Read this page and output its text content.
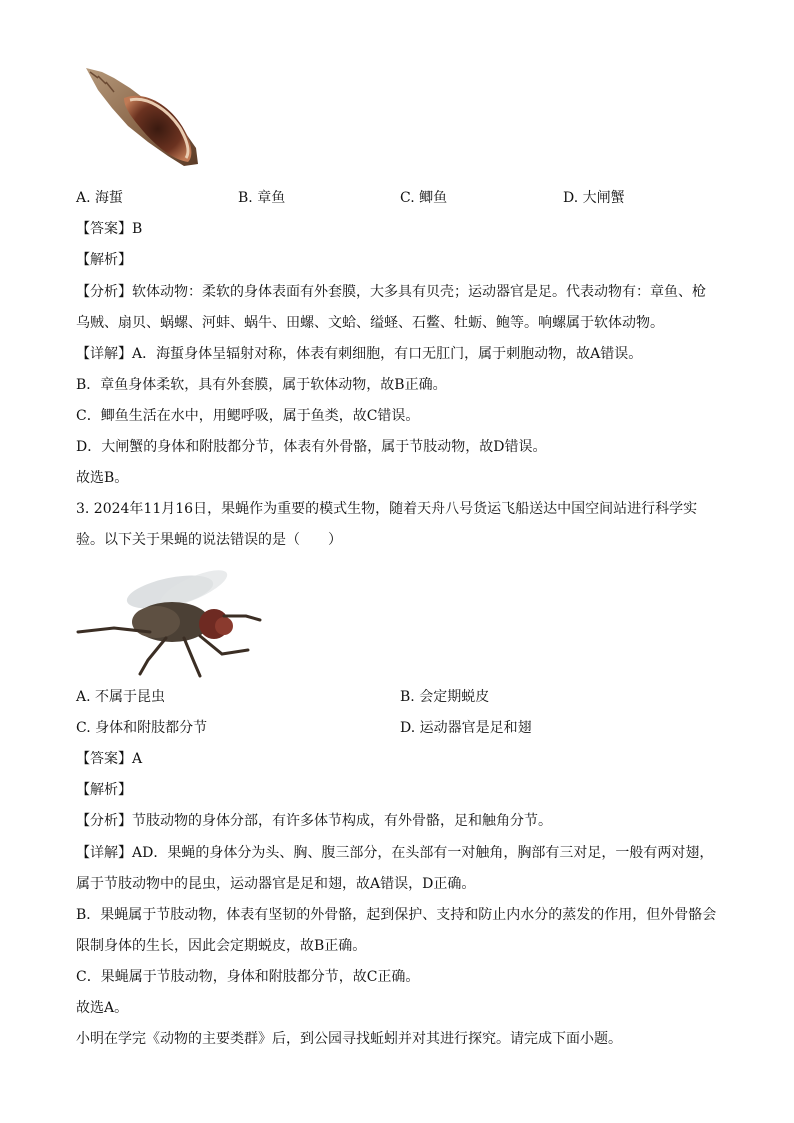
A. 海蜇	B. 章鱼	C. 鲫鱼	D. 大闸蟹
【答案】B
【解析】
【分析】软体动物：柔软的身体表面有外套膜，大多具有贝壳；运动器官是足。代表动物有：章鱼、枪
乌贼、扇贝、蜗螺、河蚌、蜗牛、田螺、文蛤、缢蛏、石鳖、牡蛎、鲍等。响螺属于软体动物。
【详解】A．海蜇身体呈辐射对称，体表有刺细胞，有口无肛门，属于刺胞动物，故A错误。
B．章鱼身体柔软，具有外套膜，属于软体动物，故B正确。
C．鲫鱼生活在水中，用鳃呼吸，属于鱼类，故C错误。
D．大闸蟹的身体和附肢都分节，体表有外骨骼，属于节肢动物，故D错误。
故选B。
3. 2024年11月16日，果蝇作为重要的模式生物，随着天舟八号货运飞船送达中国空间站进行科学实
验。以下关于果蝇的说法错误的是（　　）
A. 不属于昆虫	B. 会定期蜕皮
C. 身体和附肢都分节	D. 运动器官是足和翅
【答案】A
【解析】
【分析】节肢动物的身体分部，有许多体节构成，有外骨骼，足和触角分节。
【详解】AD．果蝇的身体分为头、胸、腹三部分，在头部有一对触角，胸部有三对足，一般有两对翅，
属于节肢动物中的昆虫，运动器官是足和翅，故A错误，D正确。
B．果蝇属于节肢动物，体表有坚韧的外骨骼，起到保护、支持和防止内水分的蒸发的作用，但外骨骼会
限制身体的生长，因此会定期蜕皮，故B正确。
C．果蝇属于节肢动物，身体和附肢都分节，故C正确。
故选A。
小明在学完《动物的主要类群》后，到公园寻找蚯蚓并对其进行探究。请完成下面小题。
